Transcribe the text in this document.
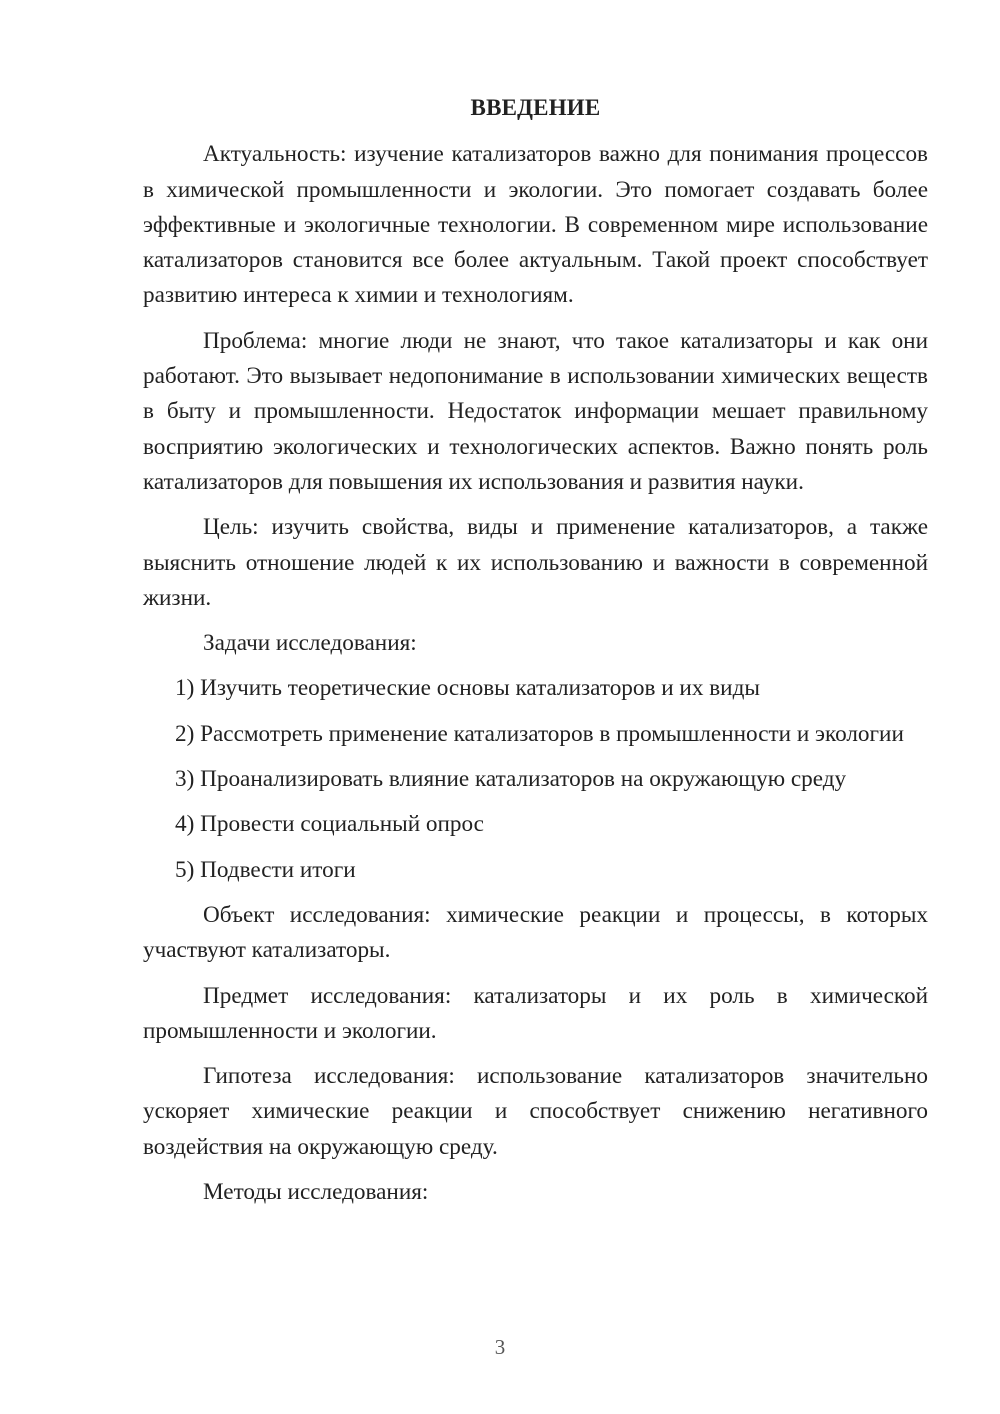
ВВЕДЕНИЕ

Актуальность: изучение катализаторов важно для понимания процессов в химической промышленности и экологии. Это помогает создавать более эффективные и экологичные технологии. В современном мире использование катализаторов становится все более актуальным. Такой проект способствует развитию интереса к химии и технологиям.

Проблема: многие люди не знают, что такое катализаторы и как они работают. Это вызывает недопонимание в использовании химических веществ в быту и промышленности. Недостаток информации мешает правильному восприятию экологических и технологических аспектов. Важно понять роль катализаторов для повышения их использования и развития науки.

Цель: изучить свойства, виды и применение катализаторов, а также выяснить отношение людей к их использованию и важности в современной жизни.

Задачи исследования:

1) Изучить теоретические основы катализаторов и их виды

2) Рассмотреть применение катализаторов в промышленности и экологии

3) Проанализировать влияние катализаторов на окружающую среду

4) Провести социальный опрос

5) Подвести итоги

Объект исследования: химические реакции и процессы, в которых участвуют катализаторы.

Предмет исследования: катализаторы и их роль в химической промышленности и экологии.

Гипотеза исследования: использование катализаторов значительно ускоряет химические реакции и способствует снижению негативного воздействия на окружающую среду.

Методы исследования:

3
